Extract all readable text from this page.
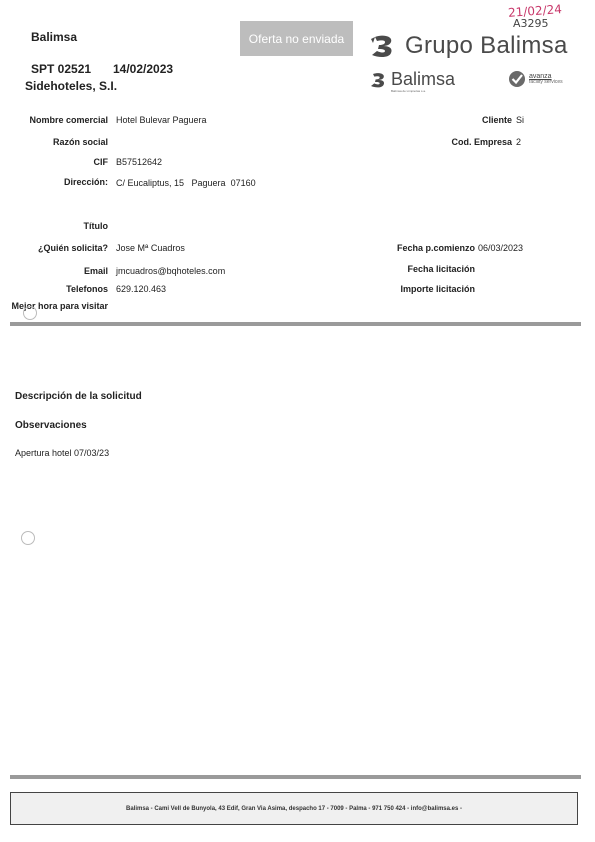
Balimsa
SPT 02521 14/02/2023
Sidehoteles, S.I.
Oferta no enviada
21/02/24
A3295
Grupo Balimsa
Balimsa
Balimsa de Limpiezas s.a.
avanza
facility services
Nombre comercial Hotel Bulevar Paguera
Razón social
CIF B57512642
Dirección: C/ Eucaliptus, 15   Paguera  07160
Título
¿Quién solicita? Jose Mª Cuadros
Email jmcuadros@bqhoteles.com
Telefonos 629.120.463
Mejor hora para visitar
Cliente Si
Cod. Empresa 2
Fecha p.comienzo 06/03/2023
Fecha licitación
Importe licitación
Descripción de la solicitud
Observaciones
Apertura hotel 07/03/23
Balimsa - Cami Vell de Bunyola, 43 Edif, Gran Via Asima, despacho 17 - 7009 - Palma - 971 750 424 - info@balimsa.es -
